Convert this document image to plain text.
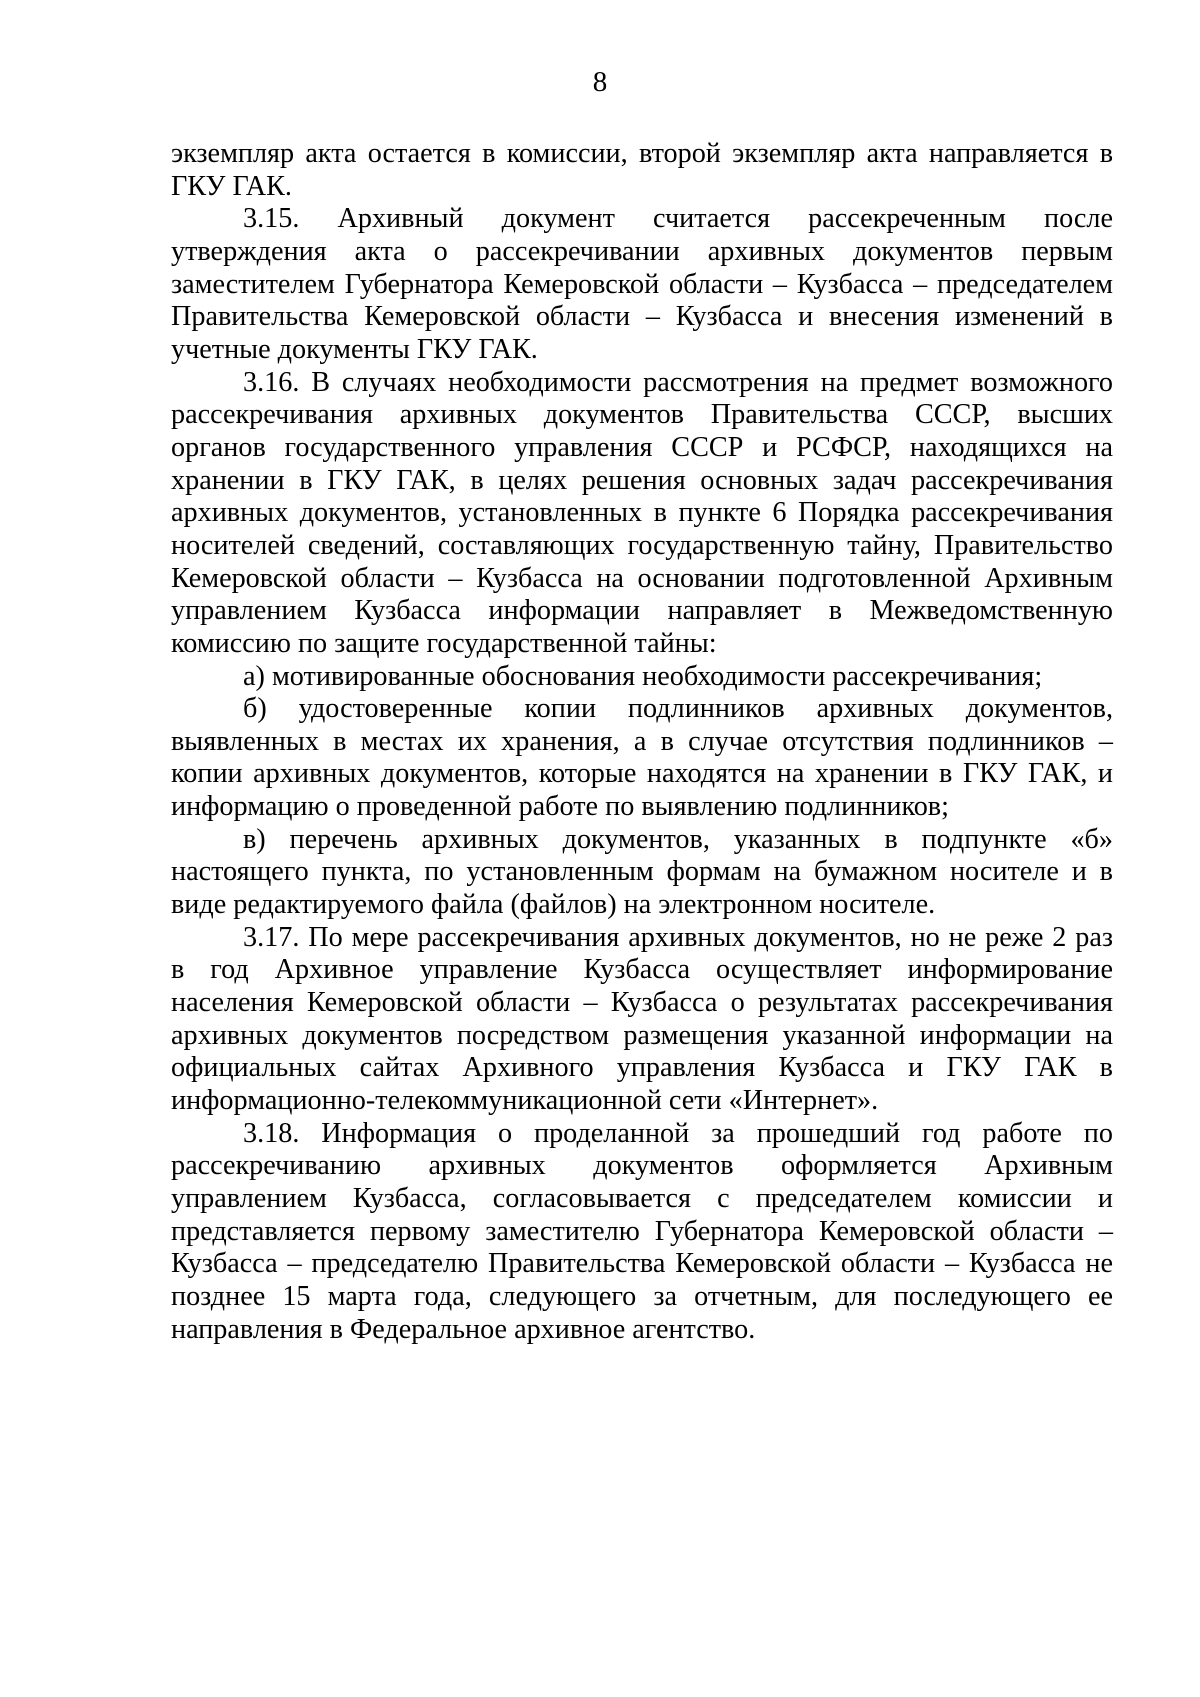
8

экземпляр акта остается в комиссии, второй экземпляр акта направляется в ГКУ ГАК.

3.15. Архивный документ считается рассекреченным после утверждения акта о рассекречивании архивных документов первым заместителем Губернатора Кемеровской области – Кузбасса – председателем Правительства Кемеровской области – Кузбасса и внесения изменений в учетные документы ГКУ ГАК.

3.16. В случаях необходимости рассмотрения на предмет возможного рассекречивания архивных документов Правительства СССР, высших органов государственного управления СССР и РСФСР, находящихся на хранении в ГКУ ГАК, в целях решения основных задач рассекречивания архивных документов, установленных в пункте 6 Порядка рассекречивания носителей сведений, составляющих государственную тайну, Правительство Кемеровской области – Кузбасса на основании подготовленной Архивным управлением Кузбасса информации направляет в Межведомственную комиссию по защите государственной тайны:

а) мотивированные обоснования необходимости рассекречивания;

б) удостоверенные копии подлинников архивных документов, выявленных в местах их хранения, а в случае отсутствия подлинников – копии архивных документов, которые находятся на хранении в ГКУ ГАК, и информацию о проведенной работе по выявлению подлинников;

в) перечень архивных документов, указанных в подпункте «б» настоящего пункта, по установленным формам на бумажном носителе и в виде редактируемого файла (файлов) на электронном носителе.

3.17. По мере рассекречивания архивных документов, но не реже 2 раз в год Архивное управление Кузбасса осуществляет информирование населения Кемеровской области – Кузбасса о результатах рассекречивания архивных документов посредством размещения указанной информации на официальных сайтах Архивного управления Кузбасса и ГКУ ГАК в информационно-телекоммуникационной сети «Интернет».

3.18. Информация о проделанной за прошедший год работе по рассекречиванию архивных документов оформляется Архивным управлением Кузбасса, согласовывается с председателем комиссии и представляется первому заместителю Губернатора Кемеровской области – Кузбасса – председателю Правительства Кемеровской области – Кузбасса не позднее 15 марта года, следующего за отчетным, для последующего ее направления в Федеральное архивное агентство.
